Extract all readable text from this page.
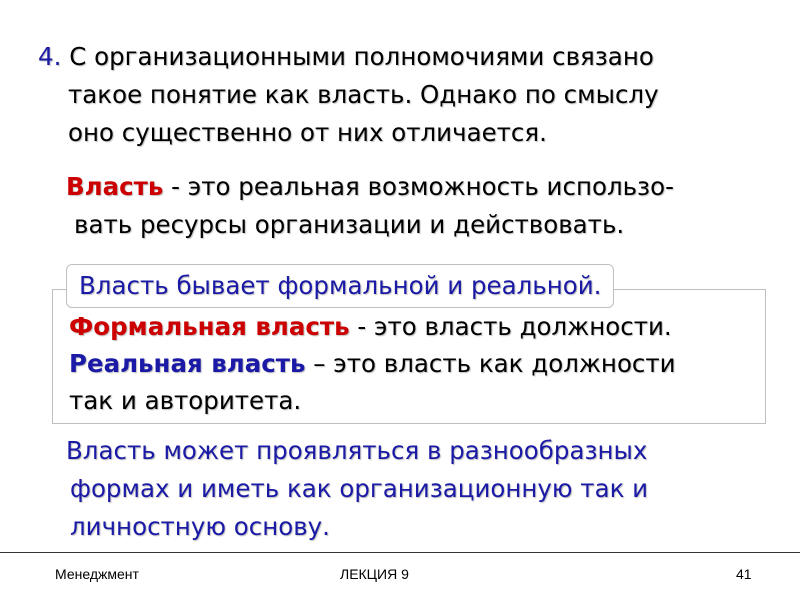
4. С организационными полномочиями связано
такое понятие как власть. Однако по смыслу
оно существенно от них отличается.
Власть - это реальная возможность использо-
вать ресурсы организации и действовать.
Власть бывает формальной и реальной.
Формальная власть - это власть должности.
Реальная власть – это власть как должности
так и авторитета.
Власть может проявляться в разнообразных
формах и иметь как организационную так и
личностную основу.
Менеджмент	ЛЕКЦИЯ 9	41
